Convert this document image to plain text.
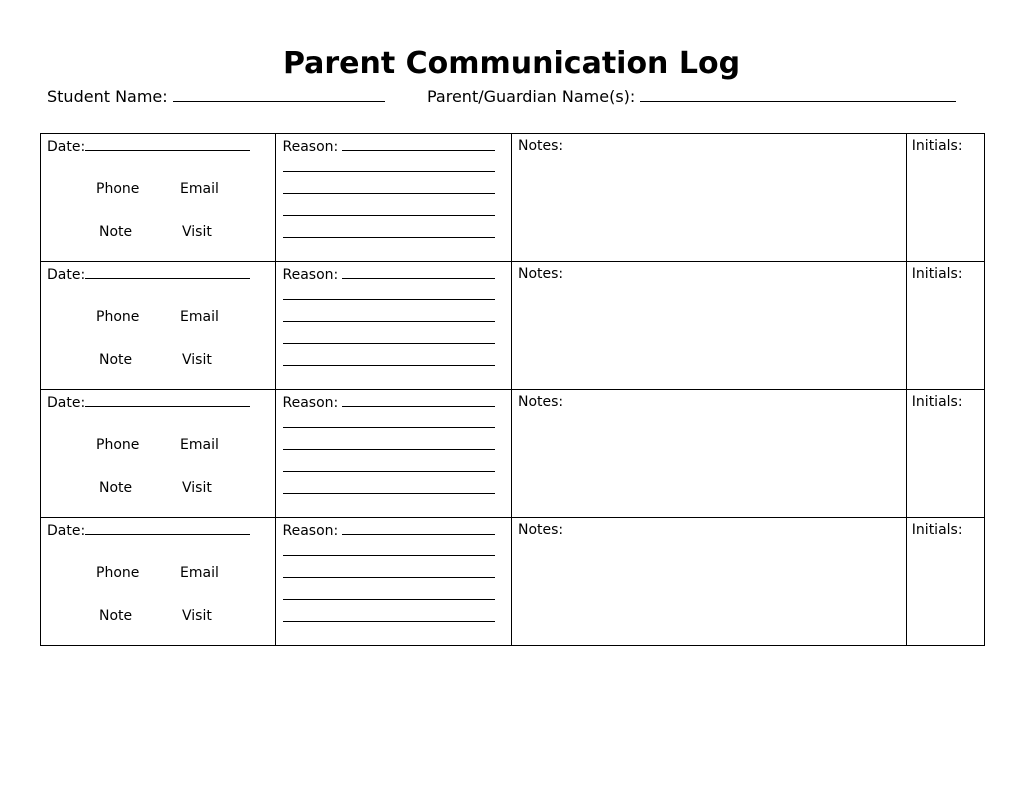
Parent Communication Log
Student Name:	Parent/Guardian Name(s):
Date:
Phone Email
Note Visit	Reason:	Notes:	Initials:

Date:
Phone Email
Note Visit	Reason:	Notes:	Initials:

Date:
Phone Email
Note Visit	Reason:	Notes:	Initials:

Date:
Phone Email
Note Visit	Reason:	Notes:	Initials:
